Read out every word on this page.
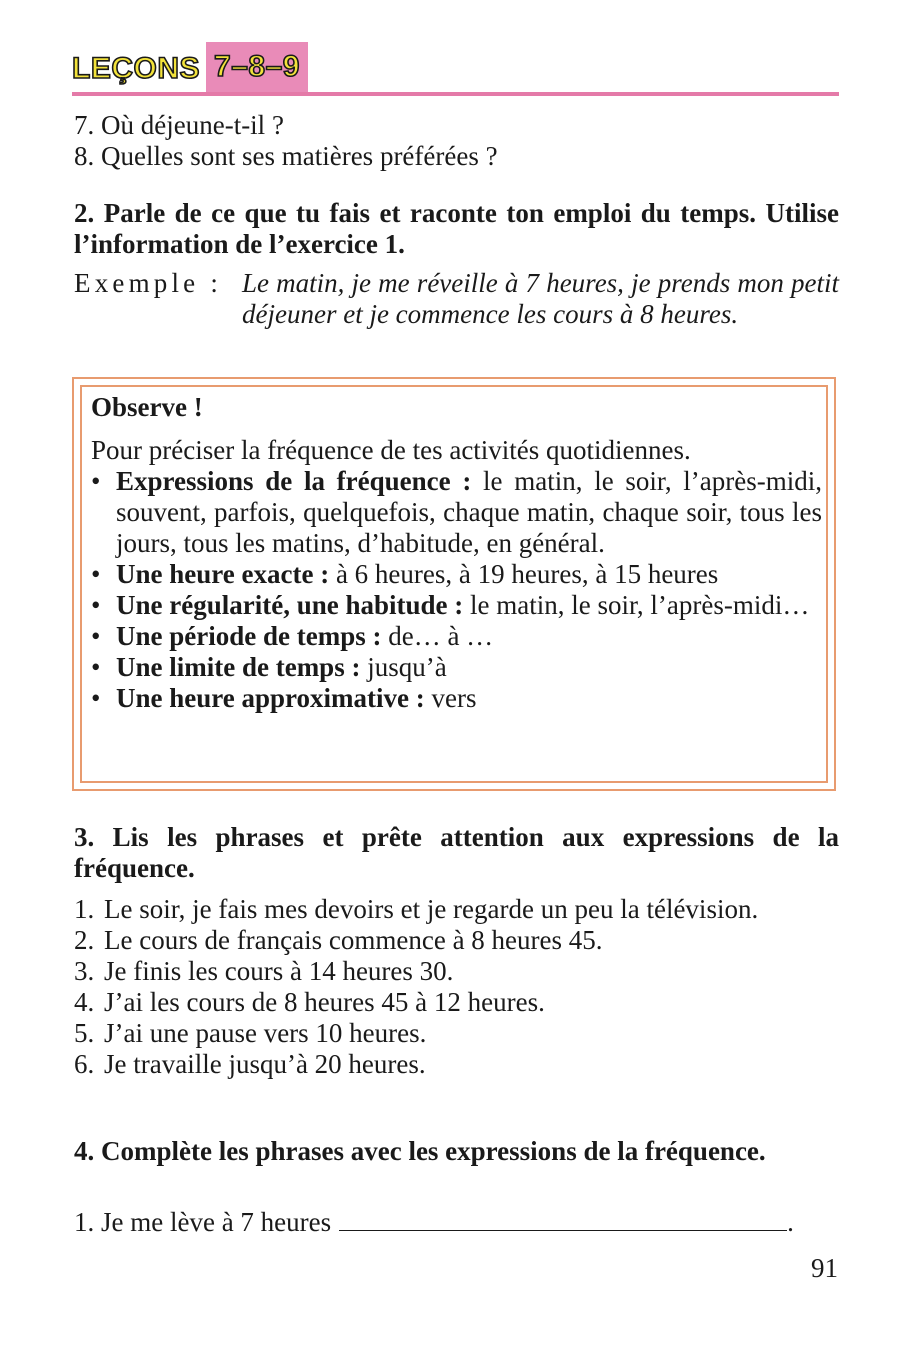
LEÇONS 7–8–9
7. Où déjeune-t-il ?
8. Quelles sont ses matières préférées ?
2. Parle de ce que tu fais et raconte ton emploi du temps. Utilise l’information de l’exercice 1.
Exemple : Le matin, je me réveille à 7 heures, je prends mon petit déjeuner et je commence les cours à 8 heures.
Observe !
Pour préciser la fréquence de tes activités quotidiennes.
• Expressions de la fréquence : le matin, le soir, l’après-midi, souvent, parfois, quelquefois, chaque matin, chaque soir, tous les jours, tous les matins, d’habitude, en général.
• Une heure exacte : à 6 heures, à 19 heures, à 15 heures
• Une régularité, une habitude : le matin, le soir, l’après-midi…
• Une période de temps : de… à …
• Une limite de temps : jusqu’à
• Une heure approximative : vers
3. Lis les phrases et prête attention aux expressions de la fréquence.
1. Le soir, je fais mes devoirs et je regarde un peu la télévision.
2. Le cours de français commence à 8 heures 45.
3. Je finis les cours à 14 heures 30.
4. J’ai les cours de 8 heures 45 à 12 heures.
5. J’ai une pause vers 10 heures.
6. Je travaille jusqu’à 20 heures.
4. Complète les phrases avec les expressions de la fréquence.
1. Je me lève à 7 heures	.
91
